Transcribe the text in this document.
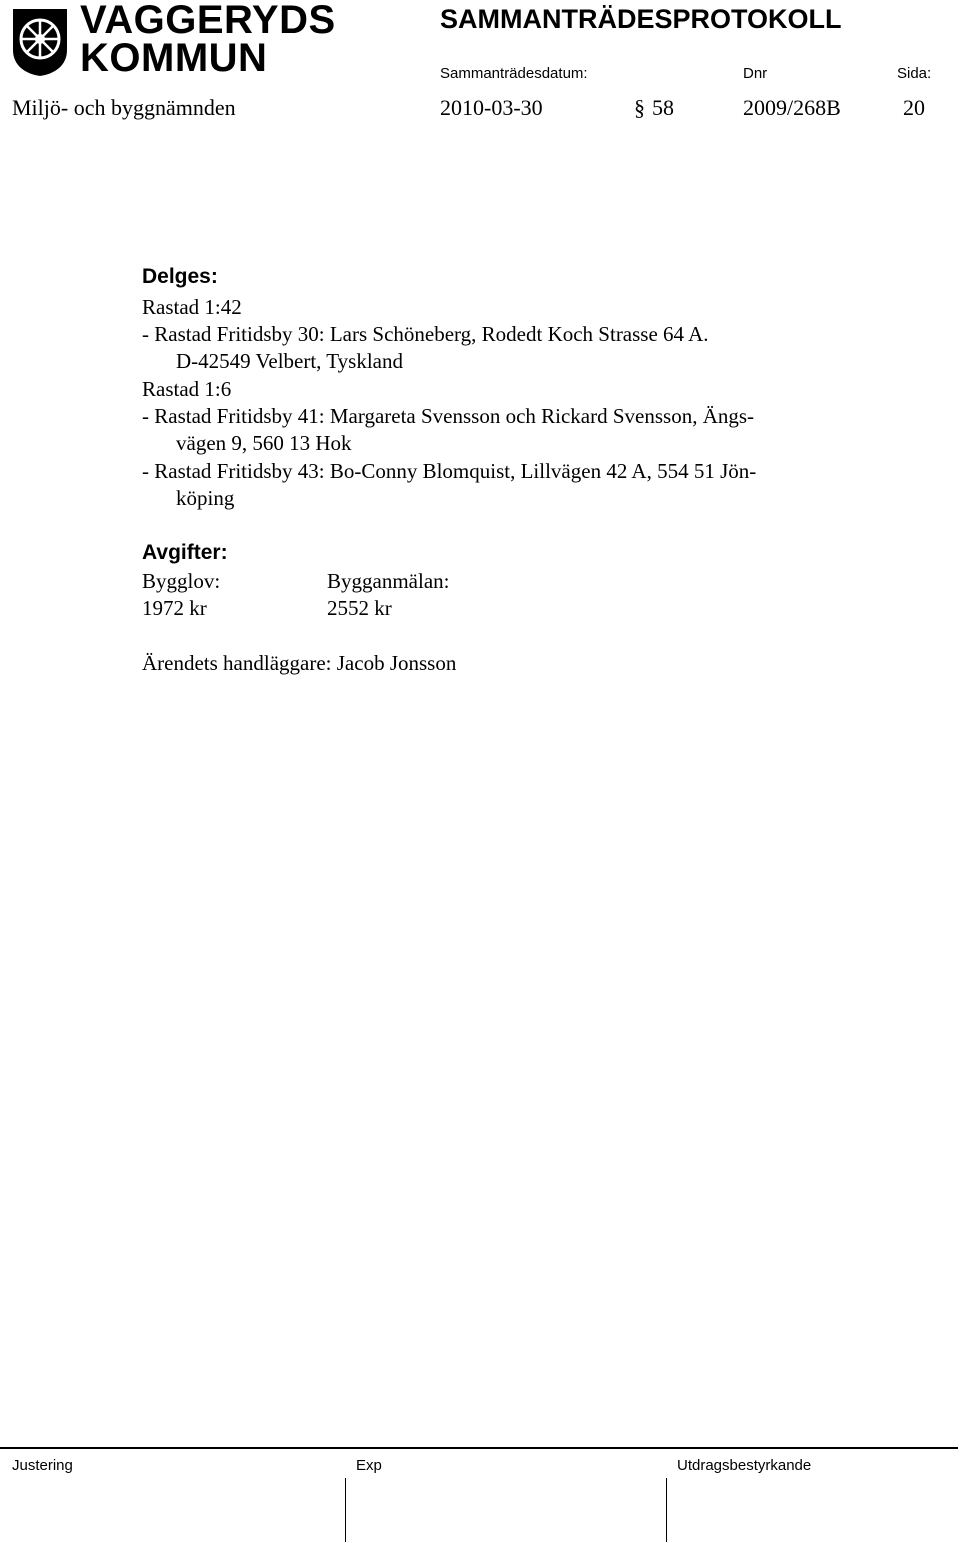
VAGGERYDS
KOMMUN
SAMMANTRÄDESPROTOKOLL
Sammanträdesdatum:	Dnr	Sida:
Miljö- och byggnämnden	2010-03-30	§ 58	2009/268B	20
Delges:
Rastad 1:42
- Rastad Fritidsby 30: Lars Schöneberg, Rodedt Koch Strasse 64 A.
D-42549 Velbert, Tyskland
Rastad 1:6
- Rastad Fritidsby 41: Margareta Svensson och Rickard Svensson, Ängs-
vägen 9, 560 13 Hok
- Rastad Fritidsby 43: Bo-Conny Blomquist, Lillvägen 42 A, 554 51 Jön-
köping
Avgifter:
Bygglov:	Bygganmälan:
1972 kr	2552 kr
Ärendets handläggare: Jacob Jonsson
Justering	Exp	Utdragsbestyrkande
